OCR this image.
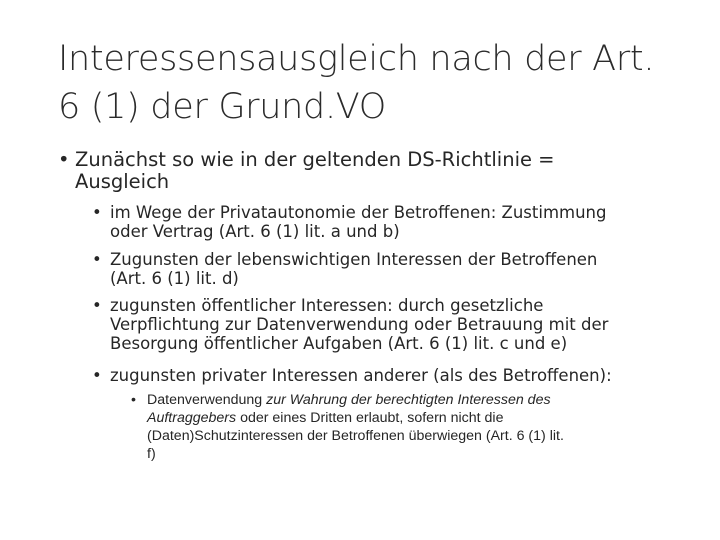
Interessensausgleich nach der Art.
6 (1) der Grund.VO
• Zunächst so wie in der geltenden DS-Richtlinie =
Ausgleich
• im Wege der Privatautonomie der Betroffenen: Zustimmung
oder Vertrag (Art. 6 (1) lit. a und b)
• Zugunsten der lebenswichtigen Interessen der Betroffenen
(Art. 6 (1) lit. d)
• zugunsten öffentlicher Interessen: durch gesetzliche
Verpflichtung zur Datenverwendung oder Betrauung mit der
Besorgung öffentlicher Aufgaben (Art. 6 (1) lit. c und e)
• zugunsten privater Interessen anderer (als des Betroffenen):
• Datenverwendung zur Wahrung der berechtigten Interessen des
Auftraggebers oder eines Dritten erlaubt, sofern nicht die
(Daten)Schutzinteressen der Betroffenen überwiegen (Art. 6 (1) lit.
f)
